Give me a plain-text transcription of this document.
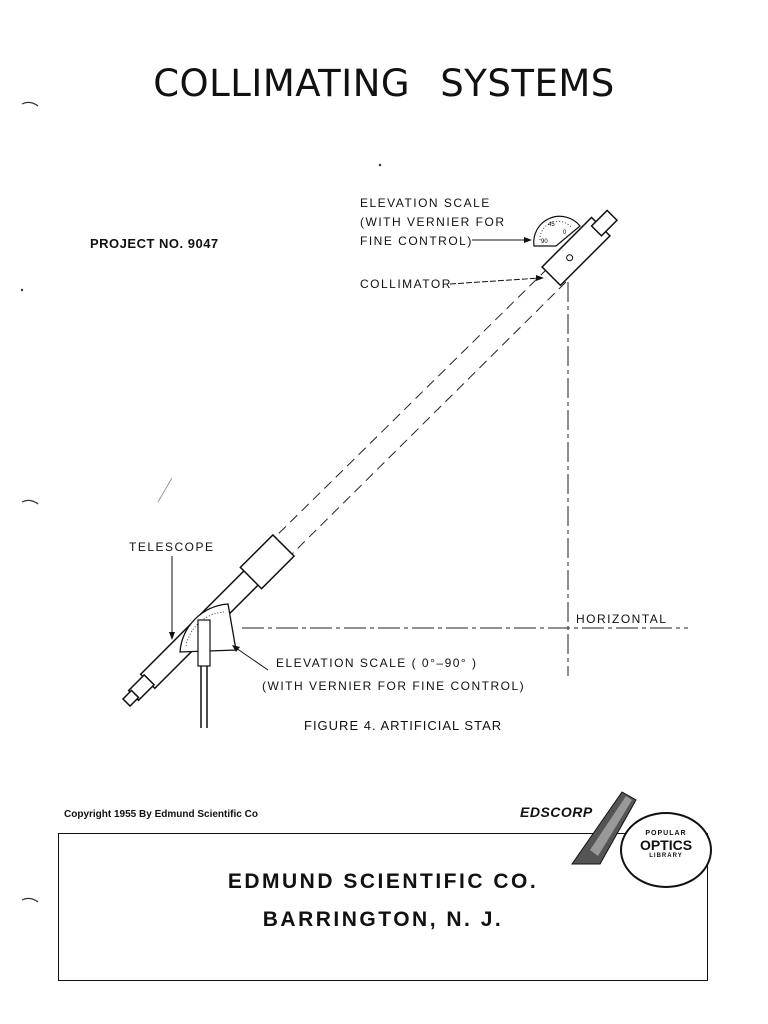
COLLIMATING SYSTEMS
PROJECT NO. 9047
45
90
0
ELEVATION SCALE
(WITH VERNIER FOR
FINE CONTROL)
COLLIMATOR
TELESCOPE
HORIZONTAL
ELEVATION SCALE ( 0°–90° )
(WITH VERNIER FOR FINE CONTROL)
FIGURE 4. ARTIFICIAL STAR
Copyright 1955 By Edmund Scientific Co
EDMUND SCIENTIFIC CO.
BARRINGTON, N. J.
EDSCORP
POPULAR
OPTICS
LIBRARY
